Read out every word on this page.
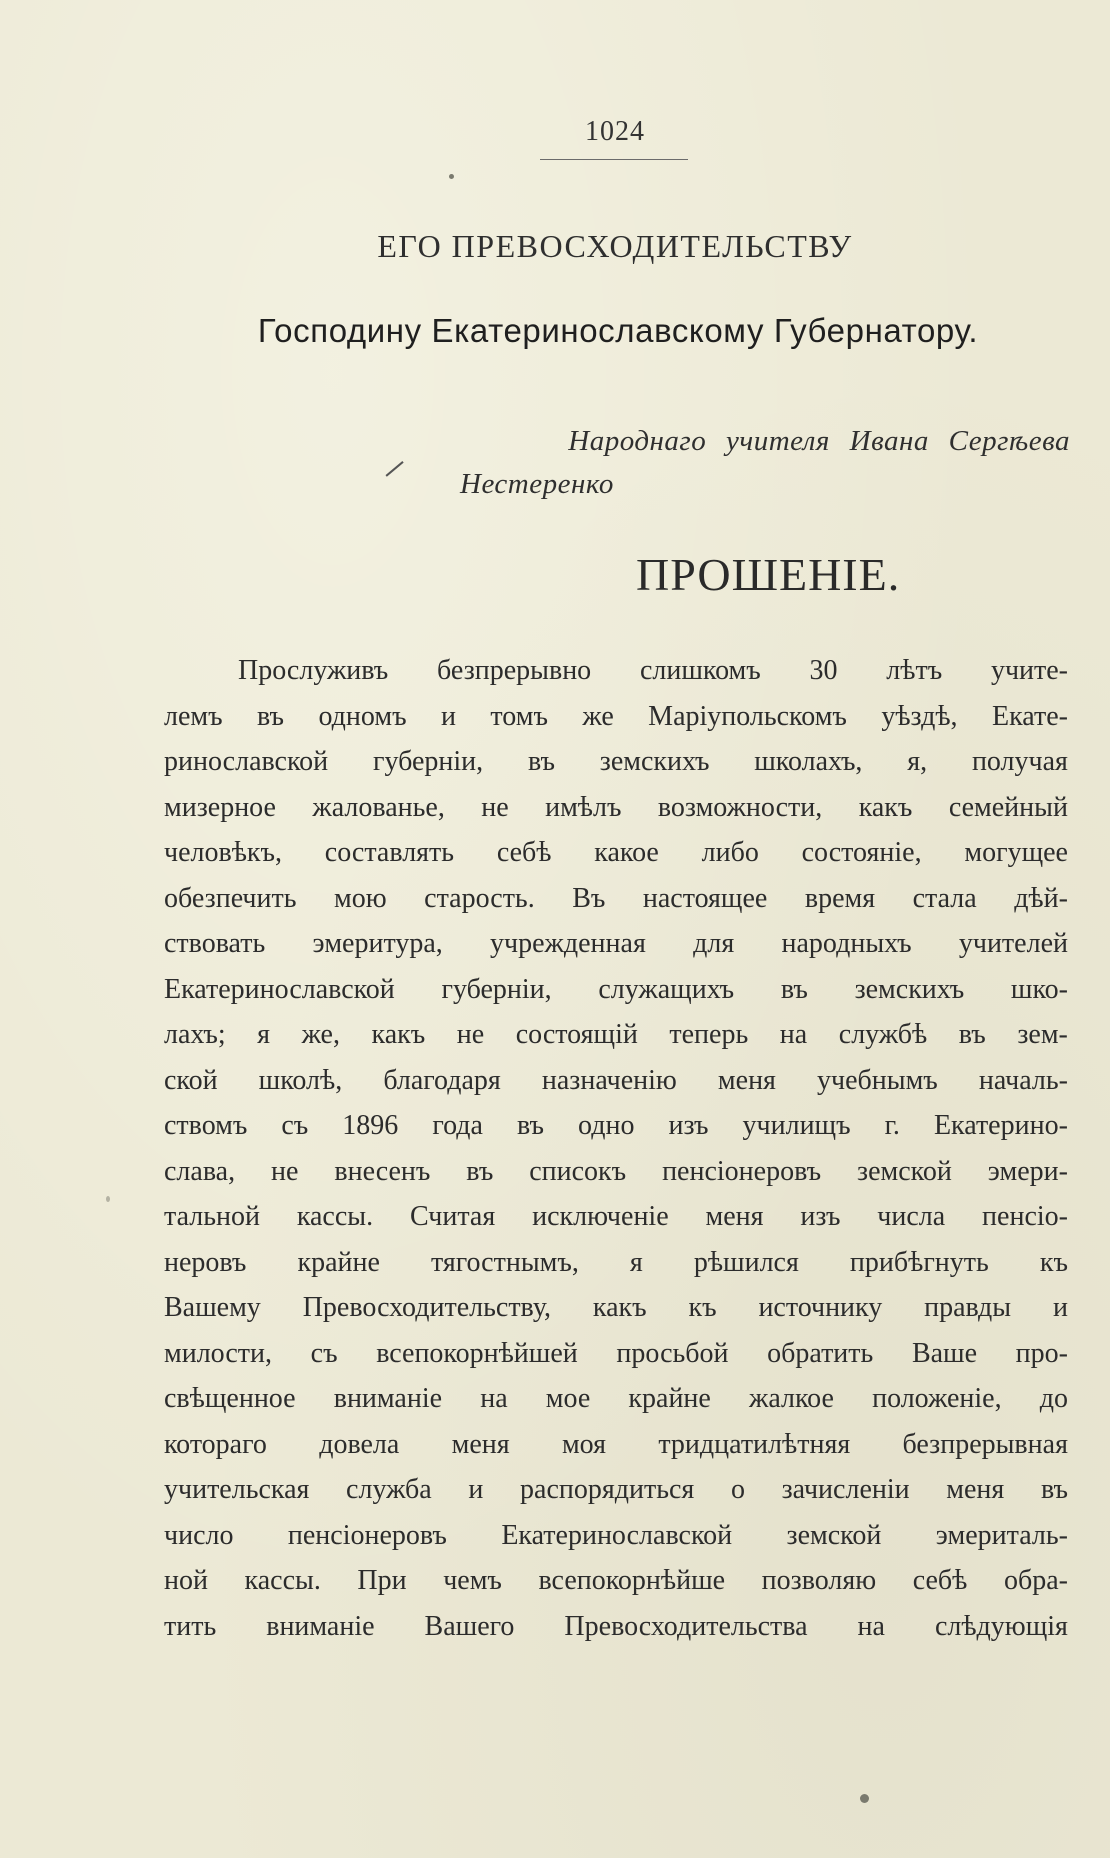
1024
ЕГО ПРЕВОСХОДИТЕЛЬСТВУ
Господину Екатеринославскому Губернатору.
Народнаго учителя Ивана Сергѣева
Нестеренко
ПРОШЕНІЕ.
Прослуживъ безпрерывно слишкомъ 30 лѣтъ учите-
лемъ въ одномъ и томъ же Маріупольскомъ уѣздѣ, Екате-
ринославской губерніи, въ земскихъ школахъ, я, получая
мизерное жалованье, не имѣлъ возможности, какъ семейный
человѣкъ, составлять себѣ какое либо состояніе, могущее
обезпечить мою старость. Въ настоящее время стала дѣй-
ствовать эмеритура, учрежденная для народныхъ учителей
Екатеринославской губерніи, служащихъ въ земскихъ шко-
лахъ; я же, какъ не состоящій теперь на службѣ въ зем-
ской школѣ, благодаря назначенію меня учебнымъ началь-
ствомъ съ 1896 года въ одно изъ училищъ г. Екатерино-
слава, не внесенъ въ списокъ пенсіонеровъ земской эмери-
тальной кассы. Считая исключеніе меня изъ числа пенсіо-
неровъ крайне тягостнымъ, я рѣшился прибѣгнуть къ
Вашему Превосходительству, какъ къ источнику правды и
милости, съ всепокорнѣйшей просьбой обратить Ваше про-
свѣщенное вниманіе на мое крайне жалкое положеніе, до
котораго довела меня моя тридцатилѣтняя безпрерывная
учительская служба и распорядиться о зачисленіи меня въ
число пенсіонеровъ Екатеринославской земской эмериталь-
ной кассы. При чемъ всепокорнѣйше позволяю себѣ обра-
тить вниманіе Вашего Превосходительства на слѣдующія
